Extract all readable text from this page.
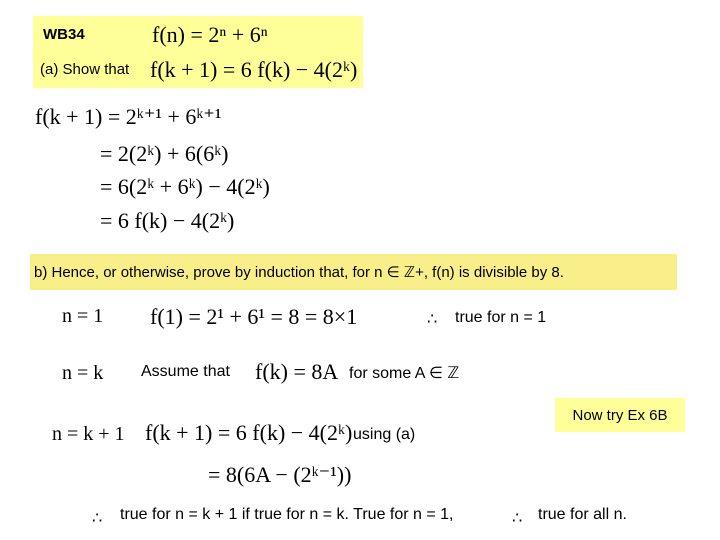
WB34	f(n) = 2ⁿ + 6ⁿ
(a) Show that f(k + 1) = 6 f(k) − 4(2ᵏ)
f(k + 1) = 2ᵏ⁺¹ + 6ᵏ⁺¹
= 2(2ᵏ) + 6(6ᵏ)
= 6(2ᵏ + 6ᵏ) − 4(2ᵏ)
= 6 f(k) − 4(2ᵏ)
b) Hence, or otherwise, prove by induction that, for n ∈ ℤ+, f(n) is divisible by 8.
n = 1 f(1) = 2¹ + 6¹ = 8 = 8×1	∴ true for n = 1
n = k Assume that f(k) = 8A for some A ∈ ℤ
n = k + 1 f(k + 1) = 6 f(k) − 4(2ᵏ) using (a)
= 8(6A − (2ᵏ⁻¹))
Now try Ex 6B
∴ true for n = k + 1 if true for n = k. True for n = 1,	∴ true for all n.
